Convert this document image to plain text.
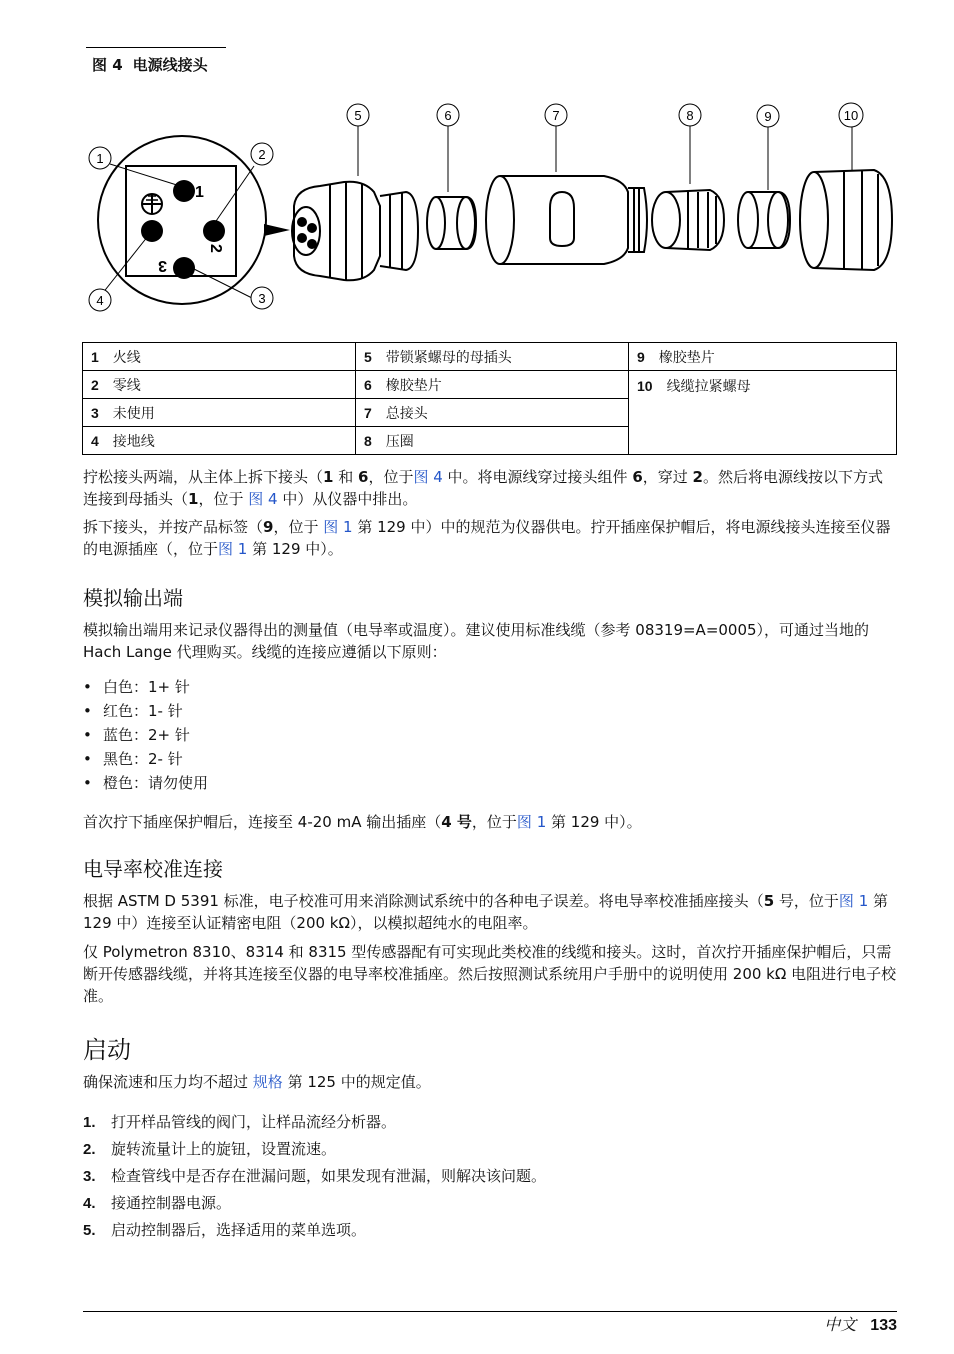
图 4 电源线接头
1
2
3
1	2
3
4
5	6	7	8	9	10
1 火线	5 带锁紧螺母的母插头	9 橡胶垫片
2 零线	6 橡胶垫片	10 线缆拉紧螺母
3 未使用	7 总接头	
4 接地线	8 压圈	

拧松接头两端，从主体上拆下接头（1 和 6，位于图 4 中。将电源线穿过接头组件 6，穿过 2。然后将电源线按以下方式连接到母插头（1，位于 图 4 中）从仪器中排出。

拆下接头，并按产品标签（9，位于 图 1 第 129 中）中的规范为仪器供电。拧开插座保护帽后，将电源线接头连接至仪器的电源插座（，位于图 1 第 129 中）。

模拟输出端

模拟输出端用来记录仪器得出的测量值（电导率或温度）。建议使用标准线缆（参考 08319=A=0005），可通过当地的 Hach Lange 代理购买。线缆的连接应遵循以下原则：

• 白色：1+ 针
• 红色：1- 针
• 蓝色：2+ 针
• 黑色：2- 针
• 橙色：请勿使用

首次拧下插座保护帽后，连接至 4-20 mA 输出插座（4 号，位于图 1 第 129 中）。

电导率校准连接

根据 ASTM D 5391 标准，电子校准可用来消除测试系统中的各种电子误差。将电导率校准插座接头（5 号，位于图 1 第 129 中）连接至认证精密电阻（200 kΩ），以模拟超纯水的电阻率。

仅 Polymetron 8310、8314 和 8315 型传感器配有可实现此类校准的线缆和接头。这时，首次拧开插座保护帽后，只需断开传感器线缆，并将其连接至仪器的电导率校准插座。然后按照测试系统用户手册中的说明使用 200 kΩ 电阻进行电子校准。

启动

确保流速和压力均不超过 规格 第 125 中的规定值。

1. 打开样品管线的阀门，让样品流经分析器。
2. 旋转流量计上的旋钮，设置流速。
3. 检查管线中是否存在泄漏问题，如果发现有泄漏，则解决该问题。
4. 接通控制器电源。
5. 启动控制器后，选择适用的菜单选项。
中文 133
